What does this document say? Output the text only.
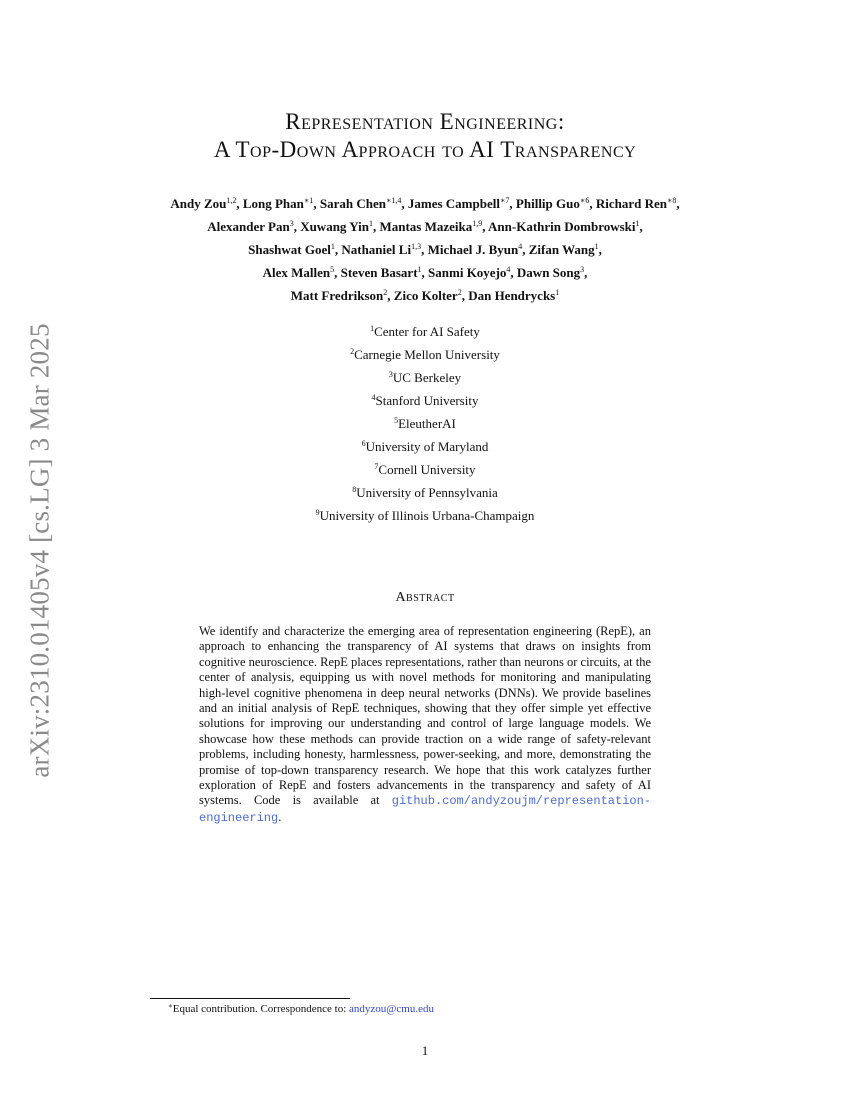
arXiv:2310.01405v4 [cs.LG] 3 Mar 2025
Representation Engineering:
A Top-Down Approach to AI Transparency
Andy Zou$^{1,2}$, Long Phan$^{∗1}$, Sarah Chen$^{∗1,4}$, James Campbell$^{∗7}$, Phillip Guo$^{∗6}$, Richard Ren$^{∗8}$,
Alexander Pan$^3$, Xuwang Yin$^1$, Mantas Mazeika$^{1,9}$, Ann-Kathrin Dombrowski$^1$,
Shashwat Goel$^1$, Nathaniel Li$^{1,3}$, Michael J. Byun$^4$, Zifan Wang$^1$,
Alex Mallen$^5$, Steven Basart$^1$, Sanmi Koyejo$^4$, Dawn Song$^3$,
Matt Fredrikson$^2$, Zico Kolter$^2$, Dan Hendrycks$^1$
$^1$Center for AI Safety
$^2$Carnegie Mellon University
$^3$UC Berkeley
$^4$Stanford University
$^5$EleutherAI
$^6$University of Maryland
$^7$Cornell University
$^8$University of Pennsylvania
$^9$University of Illinois Urbana-Champaign
Abstract
We identify and characterize the emerging area of representation engineering (RepE), an approach to enhancing the transparency of AI systems that draws on insights from cognitive neuroscience. RepE places representations, rather than neurons or circuits, at the center of analysis, equipping us with novel methods for monitoring and manipulating high-level cognitive phenomena in deep neural networks (DNNs). We provide baselines and an initial analysis of RepE techniques, showing that they offer simple yet effective solutions for improving our understanding and control of large language models. We showcase how these methods can provide traction on a wide range of safety-relevant problems, including honesty, harmlessness, power-seeking, and more, demonstrating the promise of top-down transparency research. We hope that this work catalyzes further exploration of RepE and fosters advancements in the transparency and safety of AI systems. Code is available at github.com/andyzoujm/representation-engineering.
∗Equal contribution. Correspondence to: andyzou@cmu.edu
1
